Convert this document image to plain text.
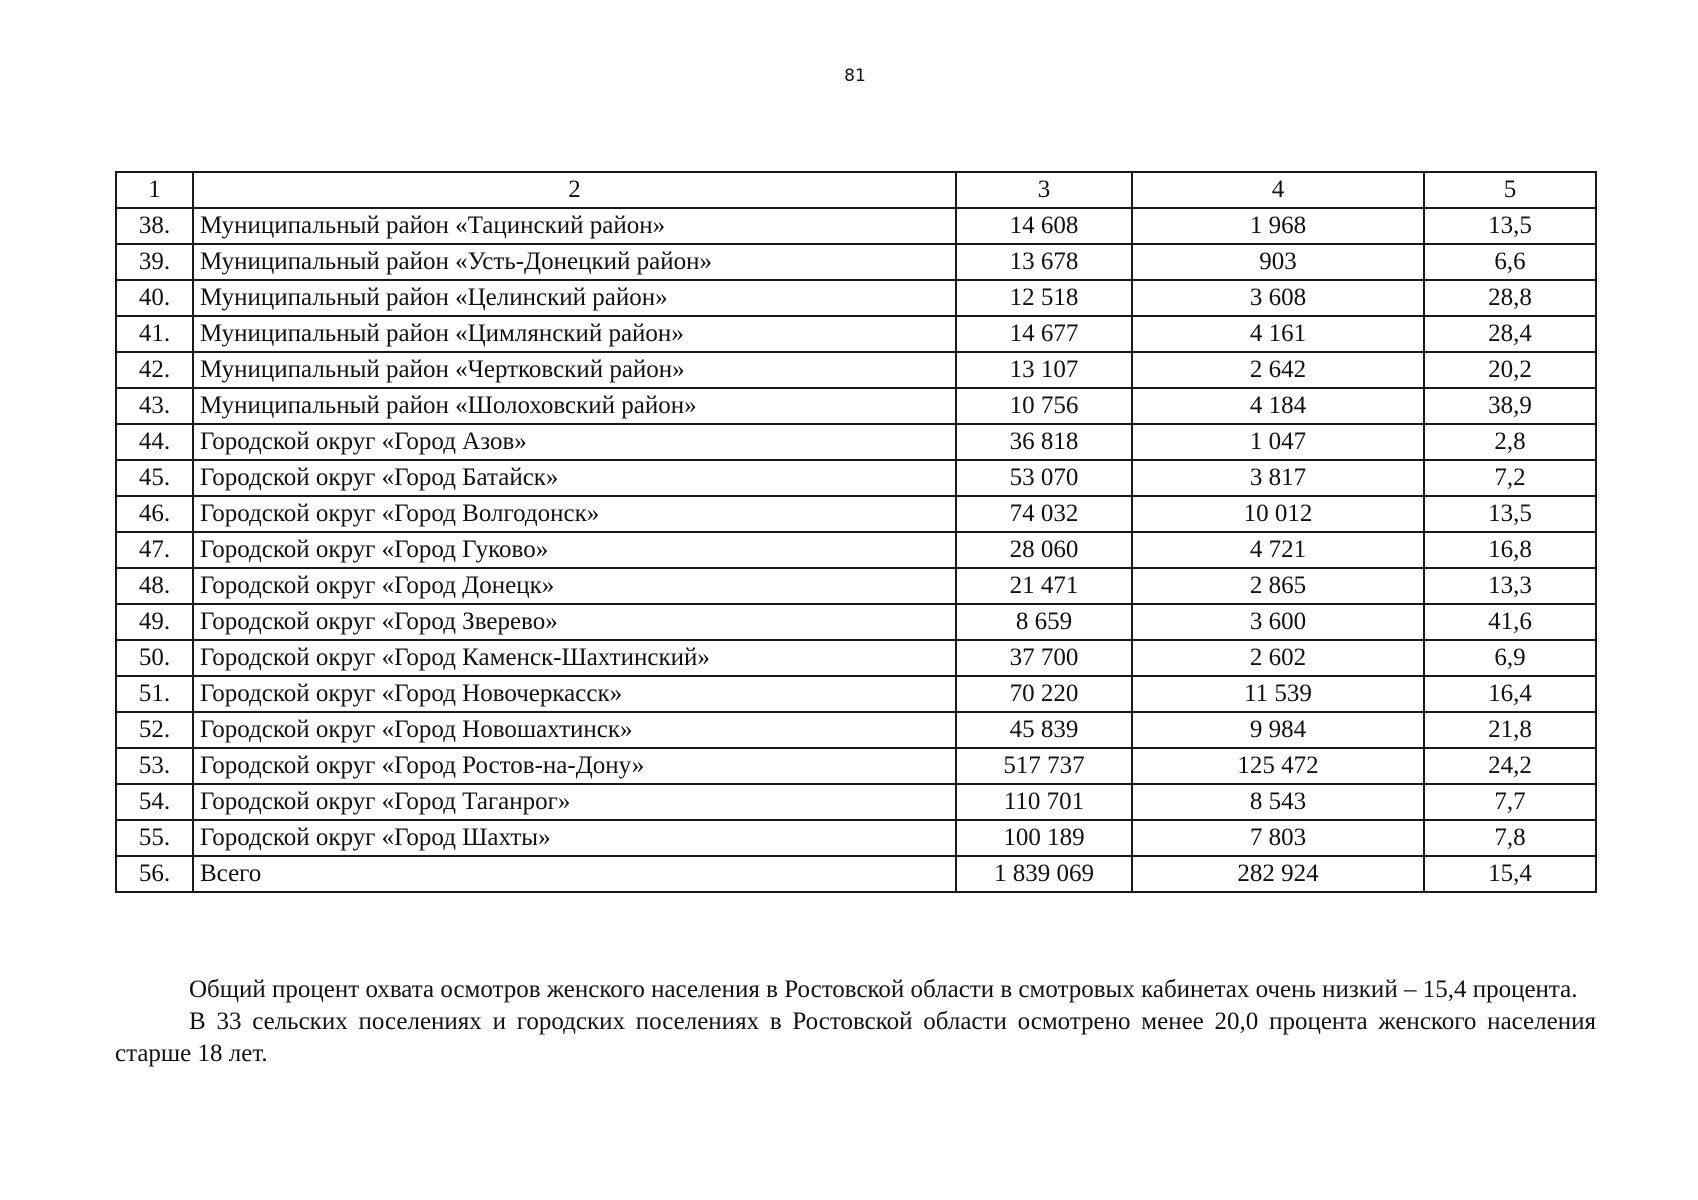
81
1	2	3	4	5
38.	Муниципальный район «Тацинский район»	14 608	1 968	13,5
39.	Муниципальный район «Усть-Донецкий район»	13 678	903	6,6
40.	Муниципальный район «Целинский район»	12 518	3 608	28,8
41.	Муниципальный район «Цимлянский район»	14 677	4 161	28,4
42.	Муниципальный район «Чертковский район»	13 107	2 642	20,2
43.	Муниципальный район «Шолоховский район»	10 756	4 184	38,9
44.	Городской округ «Город Азов»	36 818	1 047	2,8
45.	Городской округ «Город Батайск»	53 070	3 817	7,2
46.	Городской округ «Город Волгодонск»	74 032	10 012	13,5
47.	Городской округ «Город Гуково»	28 060	4 721	16,8
48.	Городской округ «Город Донецк»	21 471	2 865	13,3
49.	Городской округ «Город Зверево»	8 659	3 600	41,6
50.	Городской округ «Город Каменск-Шахтинский»	37 700	2 602	6,9
51.	Городской округ «Город Новочеркасск»	70 220	11 539	16,4
52.	Городской округ «Город Новошахтинск»	45 839	9 984	21,8
53.	Городской округ «Город Ростов-на-Дону»	517 737	125 472	24,2
54.	Городской округ «Город Таганрог»	110 701	8 543	7,7
55.	Городской округ «Город Шахты»	100 189	7 803	7,8
56.	Всего	1 839 069	282 924	15,4

Общий процент охвата осмотров женского населения в Ростовской области в смотровых кабинетах очень низкий – 15,4 процента.

В 33 сельских поселениях и городских поселениях в Ростовской области осмотрено менее 20,0 процента женского населения старше 18 лет.
